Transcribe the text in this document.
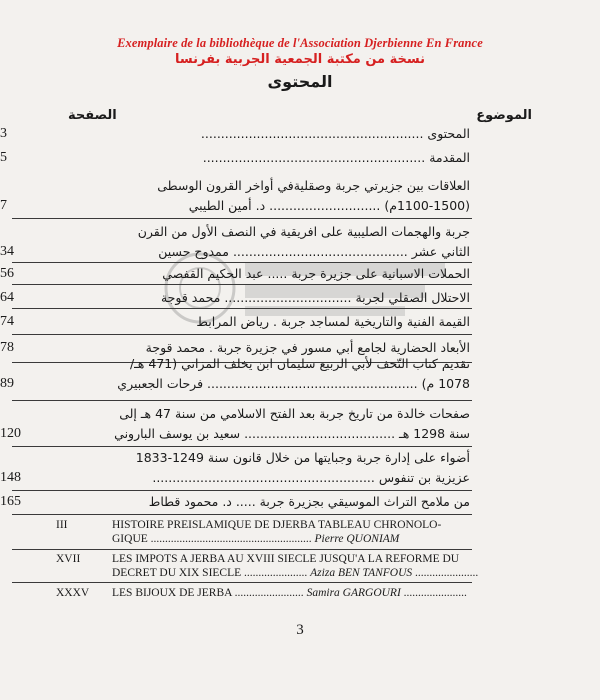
Exemplaire de la bibliothèque de l'Association Djerbienne En France
نسخة من مكتبة الجمعية الجربية بفرنسا
المحتوى
الموضوع
الصفحة
المحتوى ........................................................
3
المقدمة ........................................................
5
العلاقات بين جزيرتي جربة وصقليةفي أواخر القرون الوسطى
(1100-1500م) ............................ د. أمين الطيبي
7
جربة والهجمات الصليبية على افريقية في النصف الأول من القرن
الثاني عشر ............................................ ممدوح حسين
34
الحملات الاسبانية على جزيرة جربة ..... عبد الحكيم القفصي
56
الاحتلال الصقلي لجربة ................................ محمد قوجة
64
القيمة الفنية والتاريخية لمساجد جربة . رياض المرابط
74
الأبعاد الحضارية لجامع أبي مسور في جزيرة جربة . محمد قوجة
78
تقديم كتاب التّحف لأبي الربيع سليمان ابن يخلف المزاتي (471 هـ/
1078 م) ..................................................... فرحات الجعبيري
89
صفحات خالدة من تاريخ جربة بعد الفتح الاسلامي من سنة 47 هـ إلى
سنة 1298 هـ ...................................... سعيد بن يوسف الباروني
120
أضواء على إدارة جربة وجبايتها من خلال قانون سنة 1249-1833
عزيزية بن تنفوس ........................................................
148
من ملامح التراث الموسيقي بجزيرة جربة ..... د. محمود قطاط
165
III	HISTOIRE PREISLAMIQUE DE DJERBA TABLEAU CHRONOLO-
GIQUE ........................................................ Pierre QUONIAM
XVII	LES IMPOTS A JERBA AU XVIII SIECLE JUSQU'A LA REFORME DU
DECRET DU XIX SIECLE ...................... Aziza BEN TANFOUS ......................
XXXV LES BIJOUX DE JERBA ........................ Samira GARGOURI ......................
3
